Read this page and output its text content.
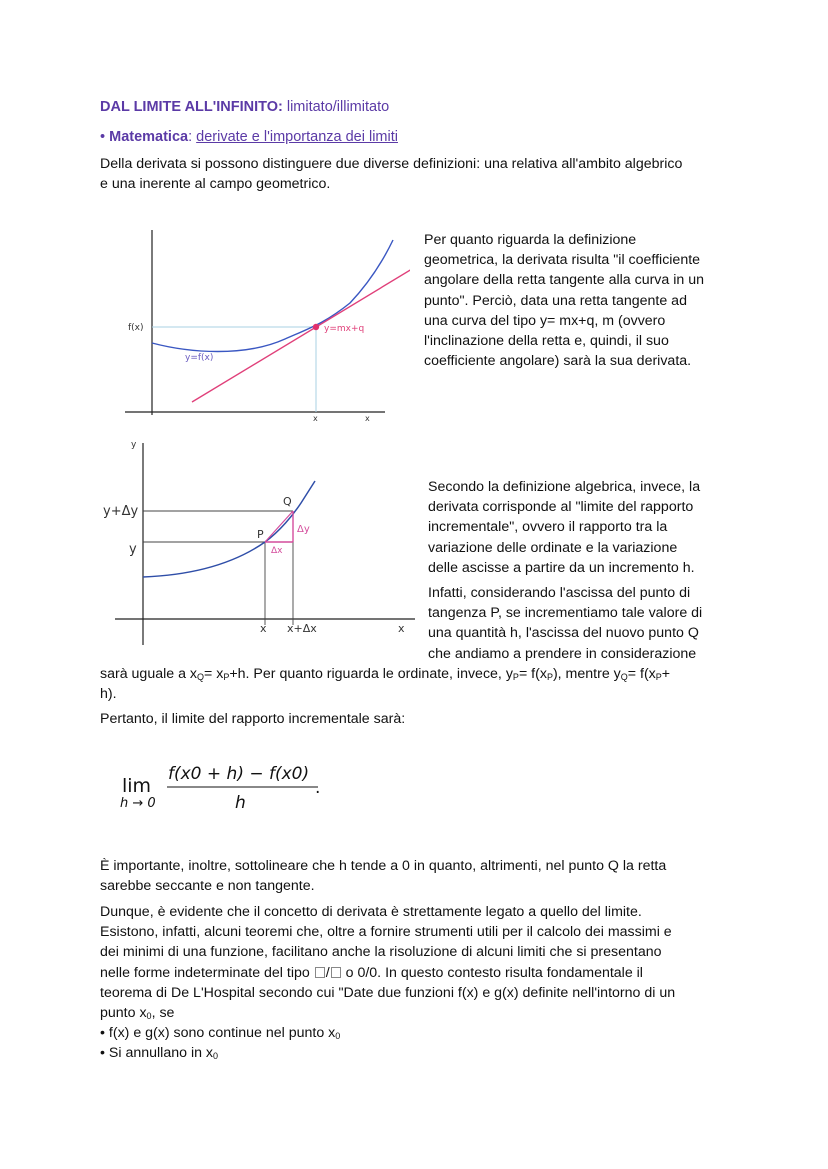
DAL LIMITE ALL'INFINITO: limitato/illimitato
• Matematica: derivate e l'importanza dei limiti
Della derivata si possono distinguere due diverse definizioni: una relativa all'ambito algebrico
e una inerente al campo geometrico.
f(x)
y=f(x)
y=mx+q
x	x
Per quanto riguarda la definizione
geometrica, la derivata risulta "il coefficiente
angolare della retta tangente alla curva in un
punto". Perciò, data una retta tangente ad
una curva del tipo y= mx+q, m (ovvero
l'inclinazione della retta e, quindi, il suo
coefficiente angolare) sarà la sua derivata.
y+Δy
y
y
P
Q
Δx
Δy
x x+Δx	x
Secondo la definizione algebrica, invece, la
derivata corrisponde al "limite del rapporto
incrementale", ovvero il rapporto tra la
variazione delle ordinate e la variazione
delle ascisse a partire da un incremento h.
Infatti, considerando l'ascissa del punto di
tangenza P, se incrementiamo tale valore di
una quantità h, l'ascissa del nuovo punto Q
che andiamo a prendere in considerazione
sarà uguale a $x_Q= x_P+h$. Per quanto riguarda le ordinate, invece, $y_P= f(x_P)$, mentre $y_Q= f(x_P+$
h).
Pertanto, il limite del rapporto incrementale sarà:
lim
h → 0
f(x0 + h) − f(x0)
h
.
È importante, inoltre, sottolineare che h tende a 0 in quanto, altrimenti, nel punto Q la retta
sarebbe seccante e non tangente.
Dunque, è evidente che il concetto di derivata è strettamente legato a quello del limite.
Esistono, infatti, alcuni teoremi che, oltre a fornire strumenti utili per il calcolo dei massimi e
dei minimi di una funzione, facilitano anche la risoluzione di alcuni limiti che si presentano
nelle forme indeterminate del tipo / o 0/0. In questo contesto risulta fondamentale il
teorema di De L'Hospital secondo cui "Date due funzioni f(x) e g(x) definite nell'intorno di un
punto $x_0$, se
• f(x) e g(x) sono continue nel punto $x_0$
• Si annullano in $x_0$
